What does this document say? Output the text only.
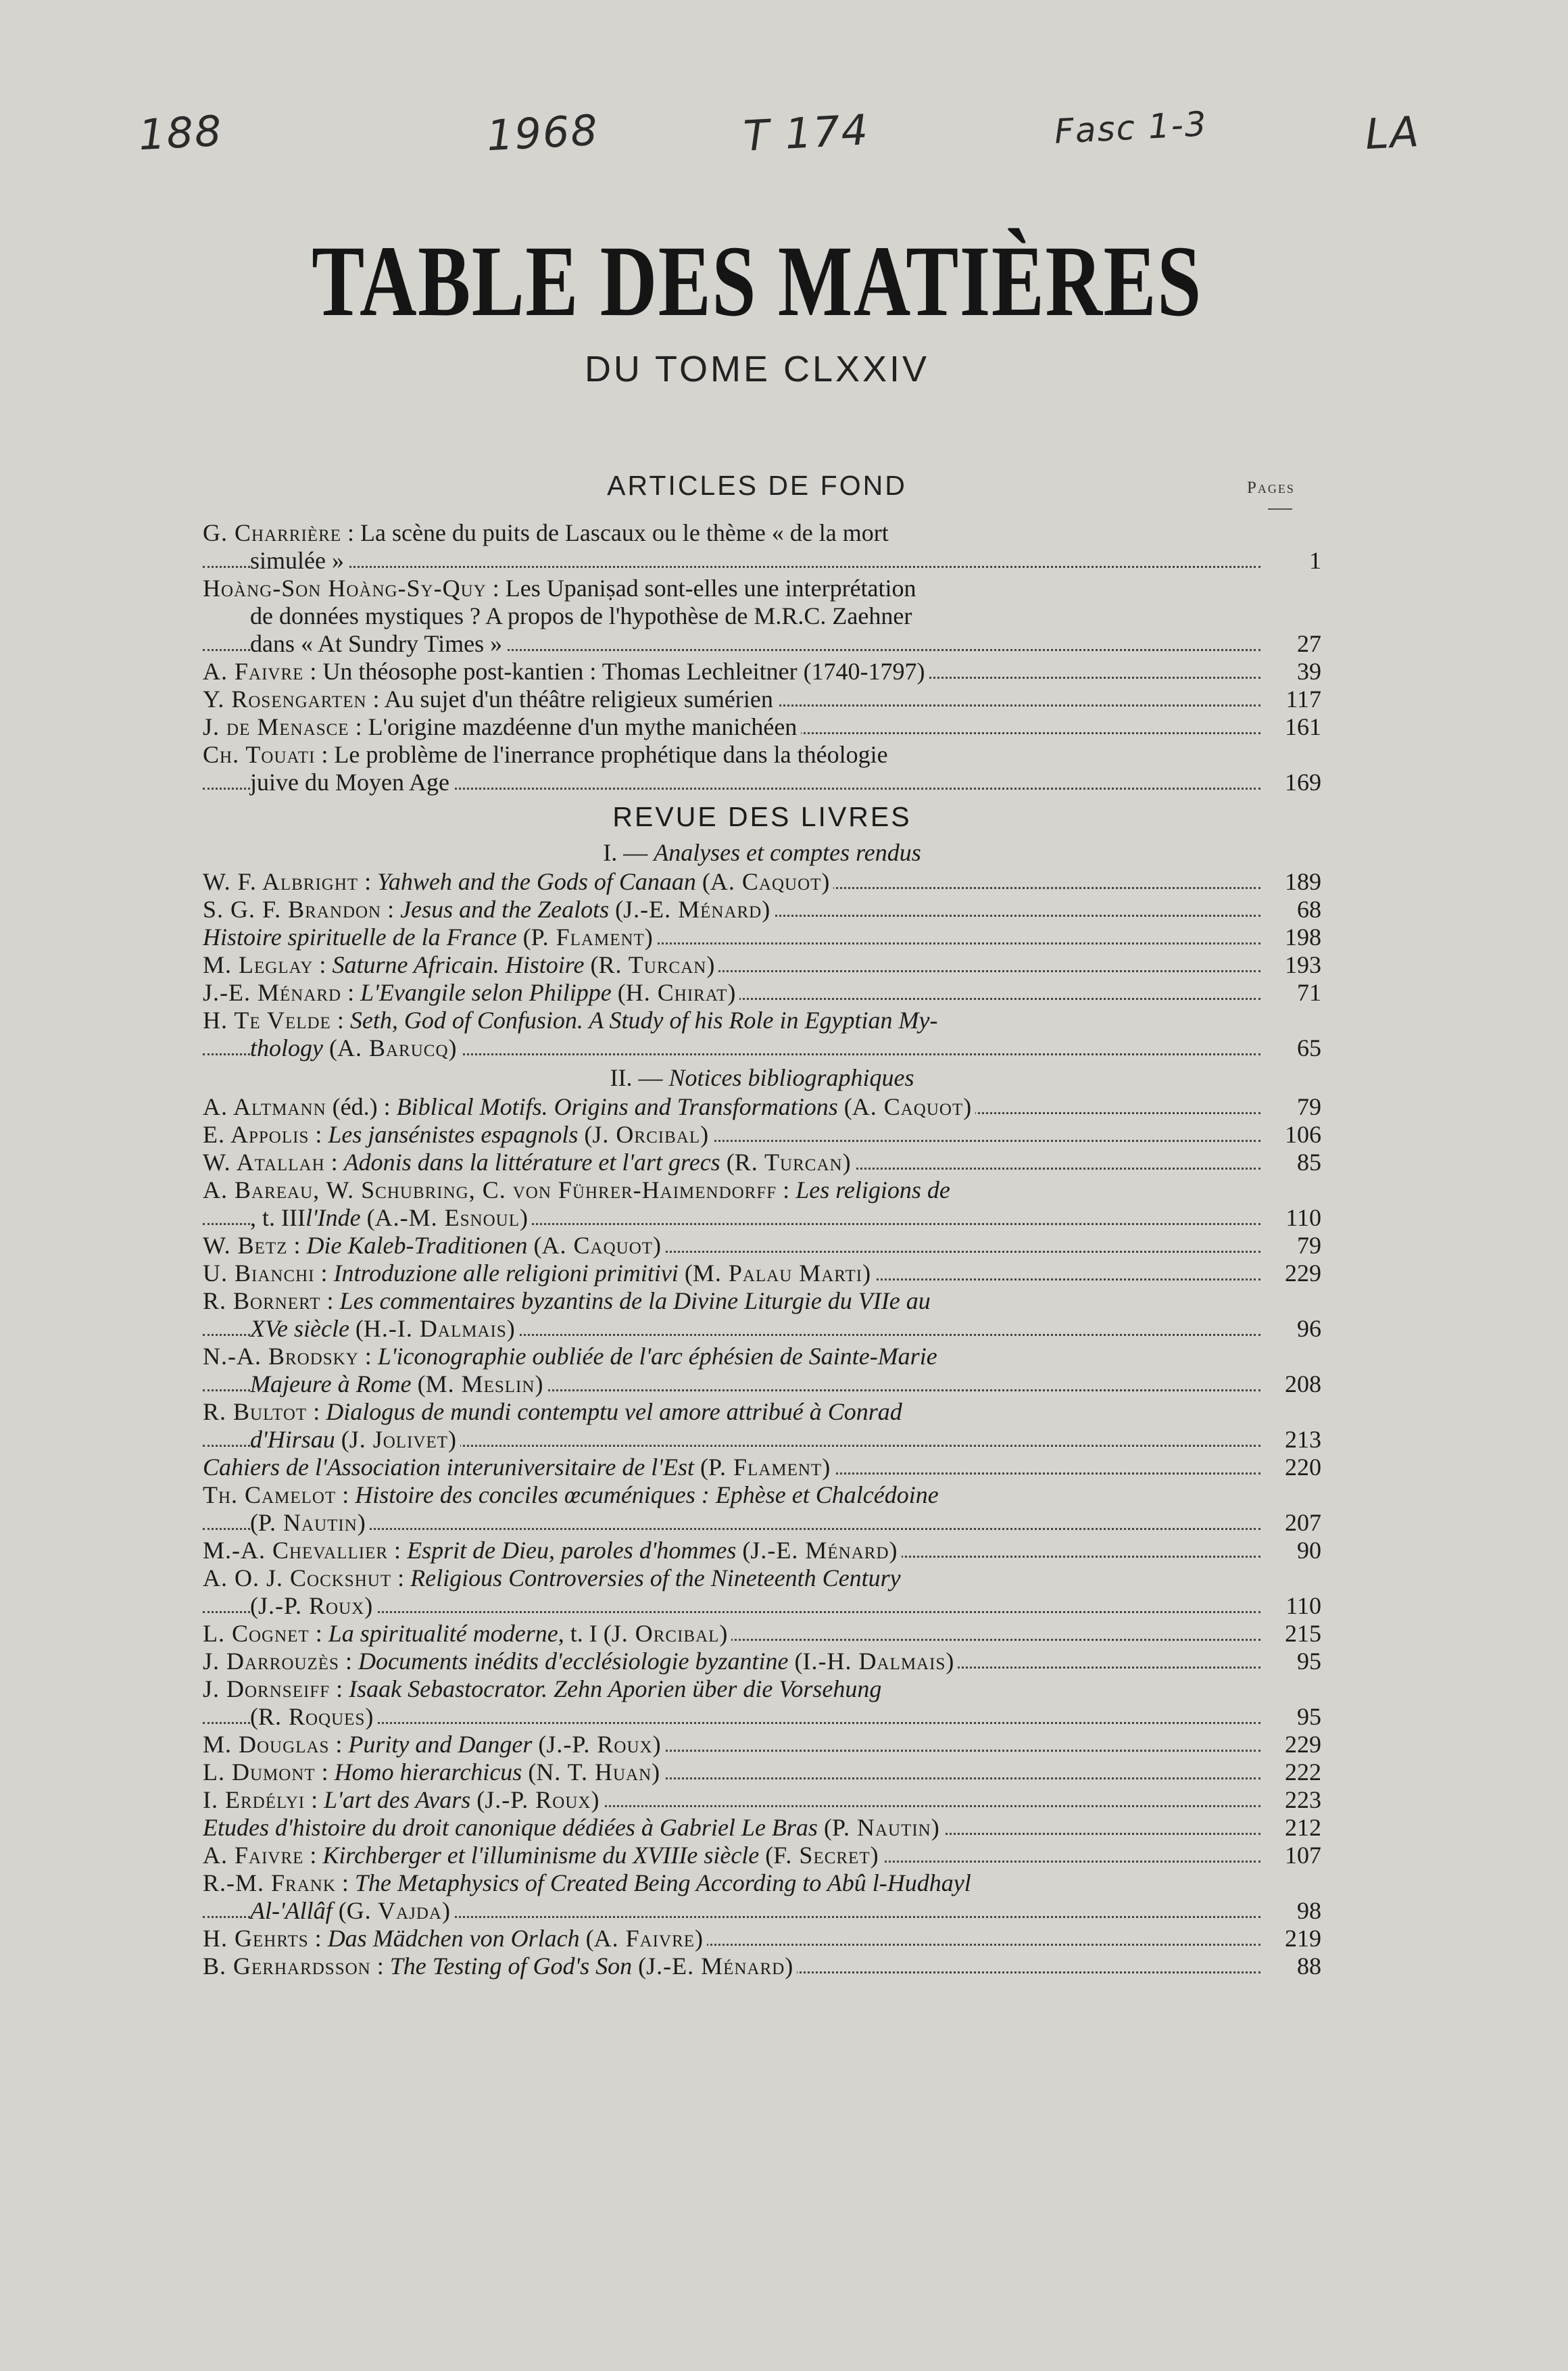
188	1968	T 174	Fasc 1-3	LA
TABLE DES MATIÈRES
DU TOME CLXXIV
ARTICLES DE FOND	Pages
G. Charrière : La scène du puits de Lascaux ou le thème « de la mort
simulée »	1
Hoàng-Son Hoàng-Sy-Quy : Les Upaniṣad sont-elles une interprétation
de données mystiques ? A propos de l'hypothèse de M.R.C. Zaehner
dans « At Sundry Times »	27
A. Faivre : Un théosophe post-kantien : Thomas Lechleitner (1740-1797)	39
Y. Rosengarten : Au sujet d'un théâtre religieux sumérien	117
J. de Menasce : L'origine mazdéenne d'un mythe manichéen	161
Ch. Touati : Le problème de l'inerrance prophétique dans la théologie
juive du Moyen Age	169
REVUE DES LIVRES
I. — Analyses et comptes rendus
W. F. Albright : Yahweh and the Gods of Canaan (A. Caquot)	189
S. G. F. Brandon : Jesus and the Zealots (J.-E. Ménard)	68
Histoire spirituelle de la France (P. Flament)	198
M. Leglay : Saturne Africain. Histoire (R. Turcan)	193
J.-E. Ménard : L'Evangile selon Philippe (H. Chirat)	71
H. Te Velde : Seth, God of Confusion. A Study of his Role in Egyptian My-
thology (A. Barucq)	65
II. — Notices bibliographiques
A. Altmann (éd.) : Biblical Motifs. Origins and Transformations (A. Caquot)	79
E. Appolis : Les jansénistes espagnols (J. Orcibal)	106
W. Atallah : Adonis dans la littérature et l'art grecs (R. Turcan)	85
A. Bareau, W. Schubring, C. von Führer-Haimendorff : Les religions de
, t. IIIl'Inde (A.-M. Esnoul)	110
W. Betz : Die Kaleb-Traditionen (A. Caquot)	79
U. Bianchi : Introduzione alle religioni primitivi (M. Palau Marti)	229
R. Bornert : Les commentaires byzantins de la Divine Liturgie du VIIe au
XVe siècle (H.-I. Dalmais)	96
N.-A. Brodsky : L'iconographie oubliée de l'arc éphésien de Sainte-Marie
Majeure à Rome (M. Meslin)	208
R. Bultot : Dialogus de mundi contemptu vel amore attribué à Conrad
d'Hirsau (J. Jolivet)	213
Cahiers de l'Association interuniversitaire de l'Est (P. Flament)	220
Th. Camelot : Histoire des conciles œcuméniques : Ephèse et Chalcédoine
(P. Nautin)	207
M.-A. Chevallier : Esprit de Dieu, paroles d'hommes (J.-E. Ménard)	90
A. O. J. Cockshut : Religious Controversies of the Nineteenth Century
(J.-P. Roux)	110
L. Cognet : La spiritualité moderne, t. I (J. Orcibal)	215
J. Darrouzès : Documents inédits d'ecclésiologie byzantine (I.-H. Dalmais)	95
J. Dornseiff : Isaak Sebastocrator. Zehn Aporien über die Vorsehung
(R. Roques)	95
M. Douglas : Purity and Danger (J.-P. Roux)	229
L. Dumont : Homo hierarchicus (N. T. Huan)	222
I. Erdélyi : L'art des Avars (J.-P. Roux)	223
Etudes d'histoire du droit canonique dédiées à Gabriel Le Bras (P. Nautin)	212
A. Faivre : Kirchberger et l'illuminisme du XVIIIe siècle (F. Secret)	107
R.-M. Frank : The Metaphysics of Created Being According to Abû l-Hudhayl
Al-'Allâf (G. Vajda)	98
H. Gehrts : Das Mädchen von Orlach (A. Faivre)	219
B. Gerhardsson : The Testing of God's Son (J.-E. Ménard)	88
